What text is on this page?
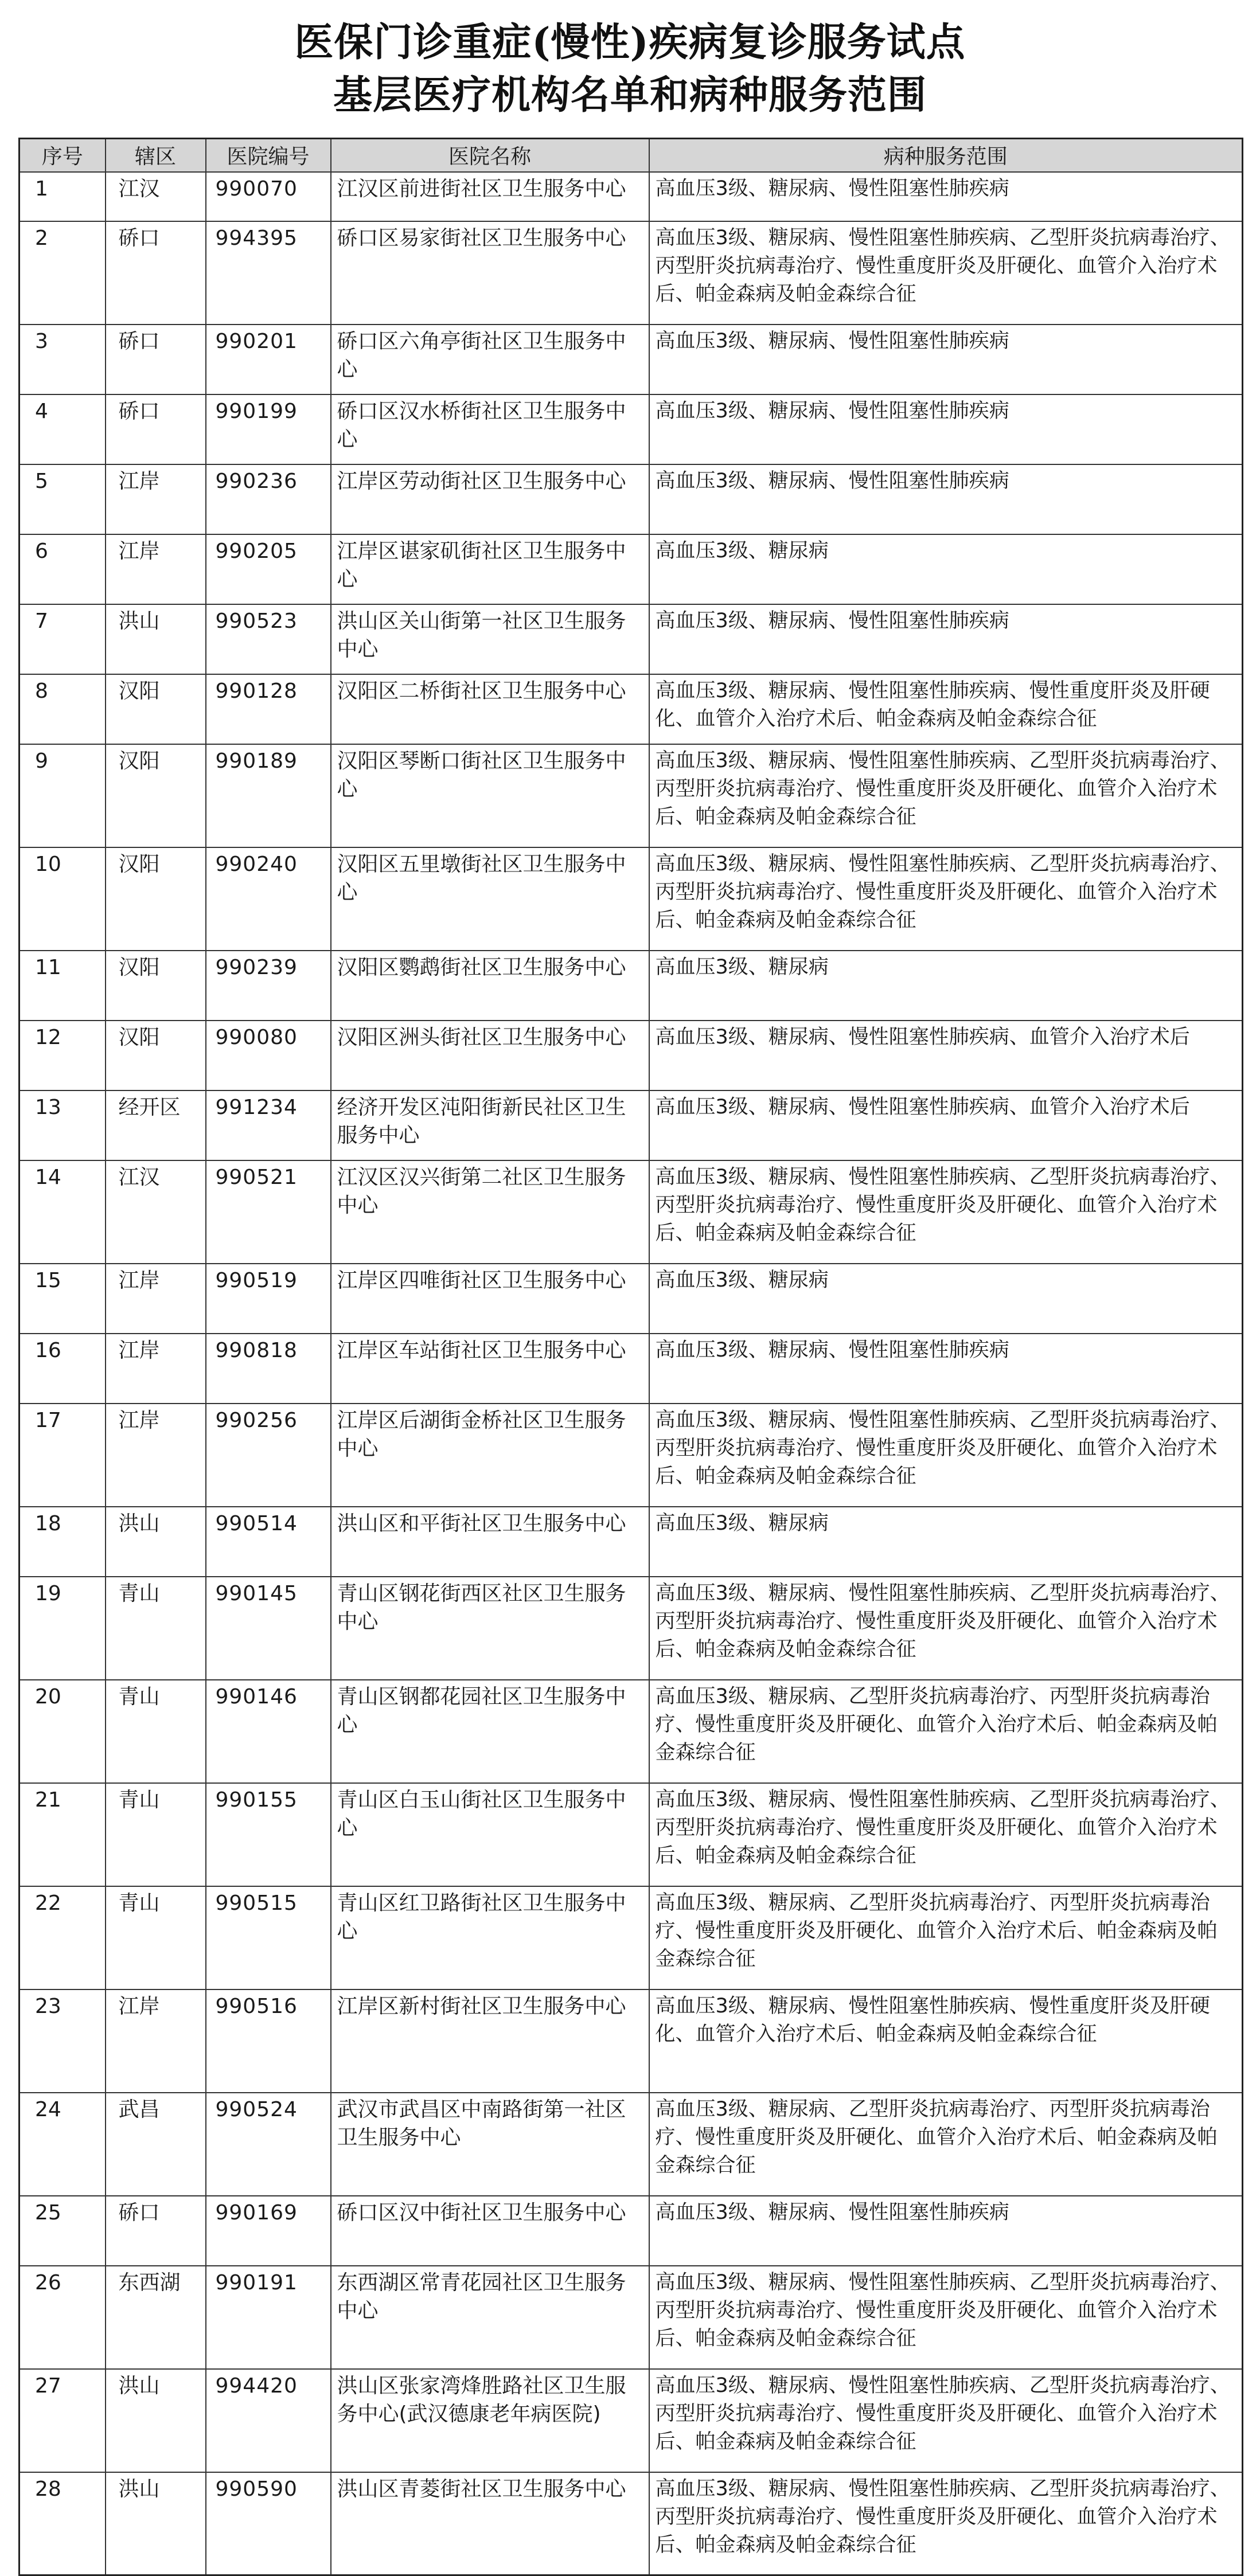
医保门诊重症(慢性)疾病复诊服务试点
基层医疗机构名单和病种服务范围
序号	辖区	医院编号	医院名称	病种服务范围
1	江汉	990070	江汉区前进街社区卫生服务中心	高血压3级、糖尿病、慢性阻塞性肺疾病
2	硚口	994395	硚口区易家街社区卫生服务中心	高血压3级、糖尿病、慢性阻塞性肺疾病、乙型肝炎抗病毒治疗、丙型肝炎抗病毒治疗、慢性重度肝炎及肝硬化、血管介入治疗术后、帕金森病及帕金森综合征
3	硚口	990201	硚口区六角亭街社区卫生服务中心	高血压3级、糖尿病、慢性阻塞性肺疾病
4	硚口	990199	硚口区汉水桥街社区卫生服务中心	高血压3级、糖尿病、慢性阻塞性肺疾病
5	江岸	990236	江岸区劳动街社区卫生服务中心	高血压3级、糖尿病、慢性阻塞性肺疾病
6	江岸	990205	江岸区谌家矶街社区卫生服务中心	高血压3级、糖尿病
7	洪山	990523	洪山区关山街第一社区卫生服务中心	高血压3级、糖尿病、慢性阻塞性肺疾病
8	汉阳	990128	汉阳区二桥街社区卫生服务中心	高血压3级、糖尿病、慢性阻塞性肺疾病、慢性重度肝炎及肝硬化、血管介入治疗术后、帕金森病及帕金森综合征
9	汉阳	990189	汉阳区琴断口街社区卫生服务中心	高血压3级、糖尿病、慢性阻塞性肺疾病、乙型肝炎抗病毒治疗、丙型肝炎抗病毒治疗、慢性重度肝炎及肝硬化、血管介入治疗术后、帕金森病及帕金森综合征
10	汉阳	990240	汉阳区五里墩街社区卫生服务中心	高血压3级、糖尿病、慢性阻塞性肺疾病、乙型肝炎抗病毒治疗、丙型肝炎抗病毒治疗、慢性重度肝炎及肝硬化、血管介入治疗术后、帕金森病及帕金森综合征
11	汉阳	990239	汉阳区鹦鹉街社区卫生服务中心	高血压3级、糖尿病
12	汉阳	990080	汉阳区洲头街社区卫生服务中心	高血压3级、糖尿病、慢性阻塞性肺疾病、血管介入治疗术后
13	经开区	991234	经济开发区沌阳街新民社区卫生服务中心	高血压3级、糖尿病、慢性阻塞性肺疾病、血管介入治疗术后
14	江汉	990521	江汉区汉兴街第二社区卫生服务中心	高血压3级、糖尿病、慢性阻塞性肺疾病、乙型肝炎抗病毒治疗、丙型肝炎抗病毒治疗、慢性重度肝炎及肝硬化、血管介入治疗术后、帕金森病及帕金森综合征
15	江岸	990519	江岸区四唯街社区卫生服务中心	高血压3级、糖尿病
16	江岸	990818	江岸区车站街社区卫生服务中心	高血压3级、糖尿病、慢性阻塞性肺疾病
17	江岸	990256	江岸区后湖街金桥社区卫生服务中心	高血压3级、糖尿病、慢性阻塞性肺疾病、乙型肝炎抗病毒治疗、丙型肝炎抗病毒治疗、慢性重度肝炎及肝硬化、血管介入治疗术后、帕金森病及帕金森综合征
18	洪山	990514	洪山区和平街社区卫生服务中心	高血压3级、糖尿病
19	青山	990145	青山区钢花街西区社区卫生服务中心	高血压3级、糖尿病、慢性阻塞性肺疾病、乙型肝炎抗病毒治疗、丙型肝炎抗病毒治疗、慢性重度肝炎及肝硬化、血管介入治疗术后、帕金森病及帕金森综合征
20	青山	990146	青山区钢都花园社区卫生服务中心	高血压3级、糖尿病、乙型肝炎抗病毒治疗、丙型肝炎抗病毒治疗、慢性重度肝炎及肝硬化、血管介入治疗术后、帕金森病及帕金森综合征
21	青山	990155	青山区白玉山街社区卫生服务中心	高血压3级、糖尿病、慢性阻塞性肺疾病、乙型肝炎抗病毒治疗、丙型肝炎抗病毒治疗、慢性重度肝炎及肝硬化、血管介入治疗术后、帕金森病及帕金森综合征
22	青山	990515	青山区红卫路街社区卫生服务中心	高血压3级、糖尿病、乙型肝炎抗病毒治疗、丙型肝炎抗病毒治疗、慢性重度肝炎及肝硬化、血管介入治疗术后、帕金森病及帕金森综合征
23	江岸	990516	江岸区新村街社区卫生服务中心	高血压3级、糖尿病、慢性阻塞性肺疾病、慢性重度肝炎及肝硬化、血管介入治疗术后、帕金森病及帕金森综合征
24	武昌	990524	武汉市武昌区中南路街第一社区卫生服务中心	高血压3级、糖尿病、乙型肝炎抗病毒治疗、丙型肝炎抗病毒治疗、慢性重度肝炎及肝硬化、血管介入治疗术后、帕金森病及帕金森综合征
25	硚口	990169	硚口区汉中街社区卫生服务中心	高血压3级、糖尿病、慢性阻塞性肺疾病
26	东西湖	990191	东西湖区常青花园社区卫生服务中心	高血压3级、糖尿病、慢性阻塞性肺疾病、乙型肝炎抗病毒治疗、丙型肝炎抗病毒治疗、慢性重度肝炎及肝硬化、血管介入治疗术后、帕金森病及帕金森综合征
27	洪山	994420	洪山区张家湾烽胜路社区卫生服务中心(武汉德康老年病医院)	高血压3级、糖尿病、慢性阻塞性肺疾病、乙型肝炎抗病毒治疗、丙型肝炎抗病毒治疗、慢性重度肝炎及肝硬化、血管介入治疗术后、帕金森病及帕金森综合征
28	洪山	990590	洪山区青菱街社区卫生服务中心	高血压3级、糖尿病、慢性阻塞性肺疾病、乙型肝炎抗病毒治疗、丙型肝炎抗病毒治疗、慢性重度肝炎及肝硬化、血管介入治疗术后、帕金森病及帕金森综合征
